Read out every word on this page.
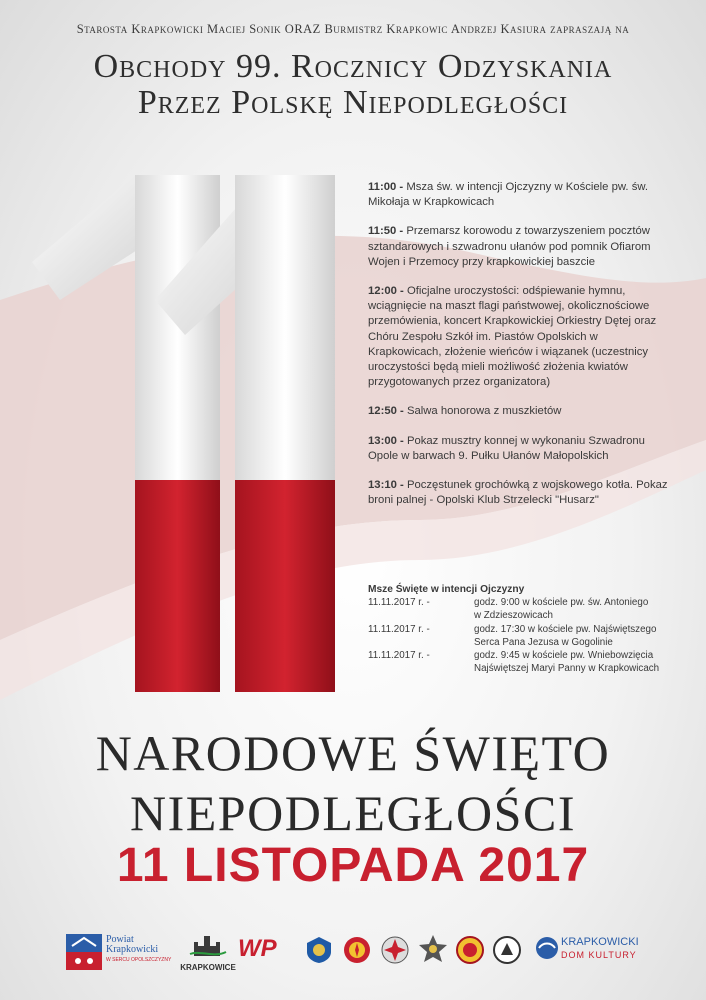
Starosta Krapkowicki Maciej Sonik ORAZ Burmistrz Krapkowic Andrzej Kasiura zapraszają na
Obchody 99. Rocznicy Odzyskania
Przez Polskę Niepodległości
11:00 - Msza św. w intencji Ojczyzny w Kościele pw. św. Mikołaja w Krapkowicach
11:50 - Przemarsz korowodu z towarzyszeniem pocztów sztandarowych i szwadronu ułanów pod pomnik Ofiarom Wojen i Przemocy przy krapkowickiej baszcie
12:00 - Oficjalne uroczystości: odśpiewanie hymnu, wciągnięcie na maszt flagi państwowej, okolicznościowe przemówienia, koncert Krapkowickiej Orkiestry Dętej oraz Chóru Zespołu Szkół im. Piastów Opolskich w Krapkowicach, złożenie wieńców i wiązanek (uczestnicy uroczystości będą mieli możliwość złożenia kwiatów przygotowanych przez organizatora)
12:50 - Salwa honorowa z muszkietów
13:00 - Pokaz musztry konnej w wykonaniu Szwadronu Opole w barwach 9. Pułku Ułanów Małopolskich
13:10 - Poczęstunek grochówką z wojskowego kotła. Pokaz broni palnej - Opolski Klub Strzelecki "Husarz"
Msze Święte w intencji Ojczyzny
11.11.2017 r. -	godz. 9:00 w kościele pw. św. Antoniego
w Zdzieszowicach
11.11.2017 r. -	godz. 17:30 w kościele pw. Najświętszego
Serca Pana Jezusa w Gogolinie
11.11.2017 r. -	godz. 9:45 w kościele pw. Wniebowzięcia
Najświętszej Maryi Panny w Krapkowicach
NARODOWE ŚWIĘTO
NIEPODLEGŁOŚCI
11 LISTOPADA 2017
Powiat Krapkowicki
W SERCU OPOLSZCZYZNY
KRAPKOWICE
WP	KRAPKOWICKI
DOM KULTURY
